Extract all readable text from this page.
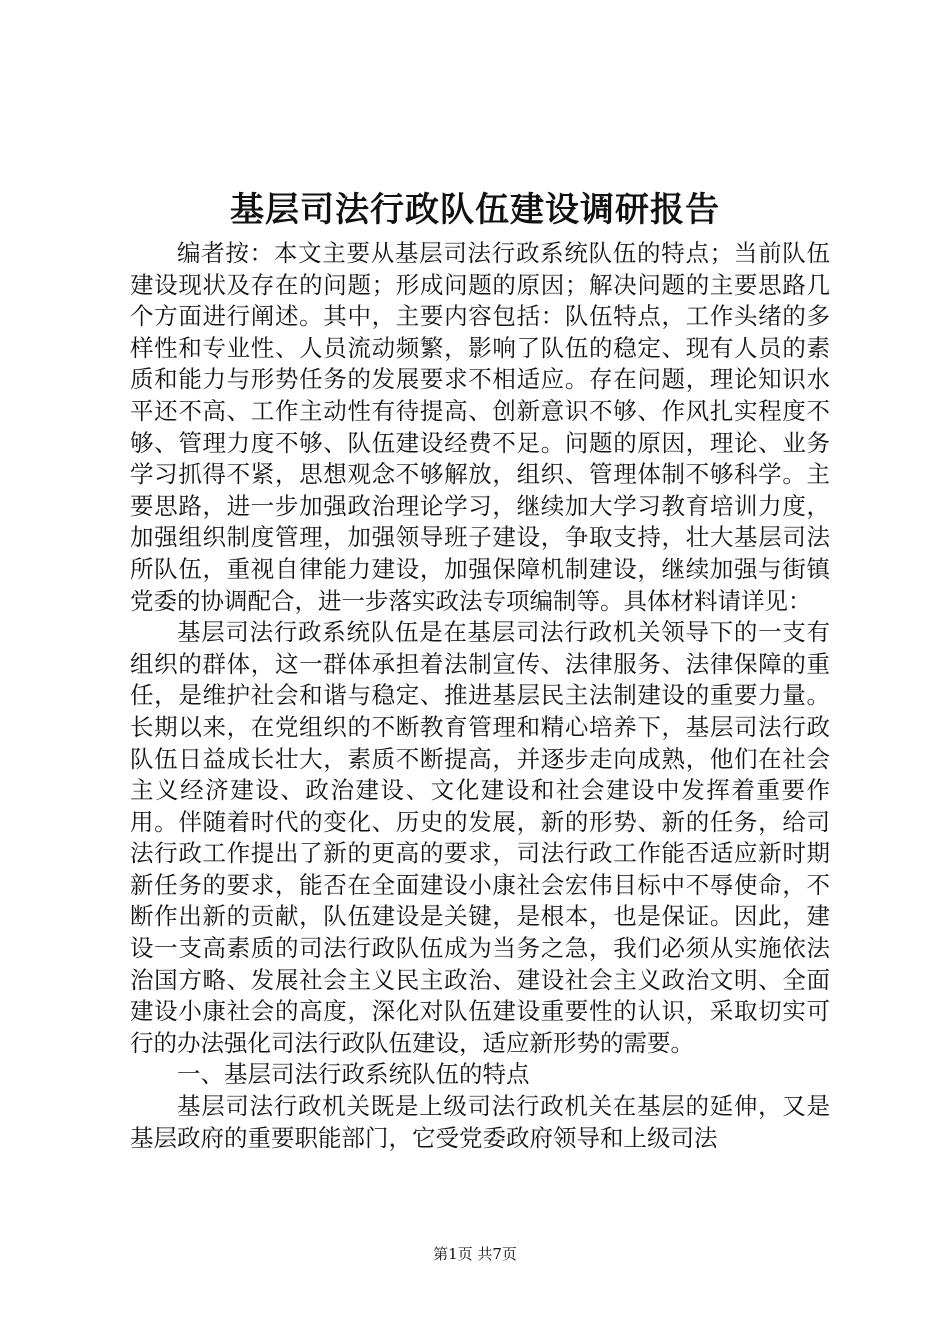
基层司法行政队伍建设调研报告

编者按：本文主要从基层司法行政系统队伍的特点；当前队伍建设现状及存在的问题；形成问题的原因；解决问题的主要思路几个方面进行阐述。其中，主要内容包括：队伍特点，工作头绪的多样性和专业性、人员流动频繁，影响了队伍的稳定、现有人员的素质和能力与形势任务的发展要求不相适应。存在问题，理论知识水平还不高、工作主动性有待提高、创新意识不够、作风扎实程度不够、管理力度不够、队伍建设经费不足。问题的原因，理论、业务学习抓得不紧，思想观念不够解放，组织、管理体制不够科学。主要思路，进一步加强政治理论学习，继续加大学习教育培训力度，加强组织制度管理，加强领导班子建设，争取支持，壮大基层司法所队伍，重视自律能力建设，加强保障机制建设，继续加强与街镇党委的协调配合，进一步落实政法专项编制等。具体材料请详见：

基层司法行政系统队伍是在基层司法行政机关领导下的一支有组织的群体，这一群体承担着法制宣传、法律服务、法律保障的重任，是维护社会和谐与稳定、推进基层民主法制建设的重要力量。长期以来，在党组织的不断教育管理和精心培养下，基层司法行政队伍日益成长壮大，素质不断提高，并逐步走向成熟，他们在社会主义经济建设、政治建设、文化建设和社会建设中发挥着重要作用。伴随着时代的变化、历史的发展，新的形势、新的任务，给司法行政工作提出了新的更高的要求，司法行政工作能否适应新时期新任务的要求，能否在全面建设小康社会宏伟目标中不辱使命，不断作出新的贡献，队伍建设是关键，是根本，也是保证。因此，建设一支高素质的司法行政队伍成为当务之急，我们必须从实施依法治国方略、发展社会主义民主政治、建设社会主义政治文明、全面建设小康社会的高度，深化对队伍建设重要性的认识，采取切实可行的办法强化司法行政队伍建设，适应新形势的需要。

一、基层司法行政系统队伍的特点

基层司法行政机关既是上级司法行政机关在基层的延伸，又是基层政府的重要职能部门，它受党委政府领导和上级司法

第1页 共7页
